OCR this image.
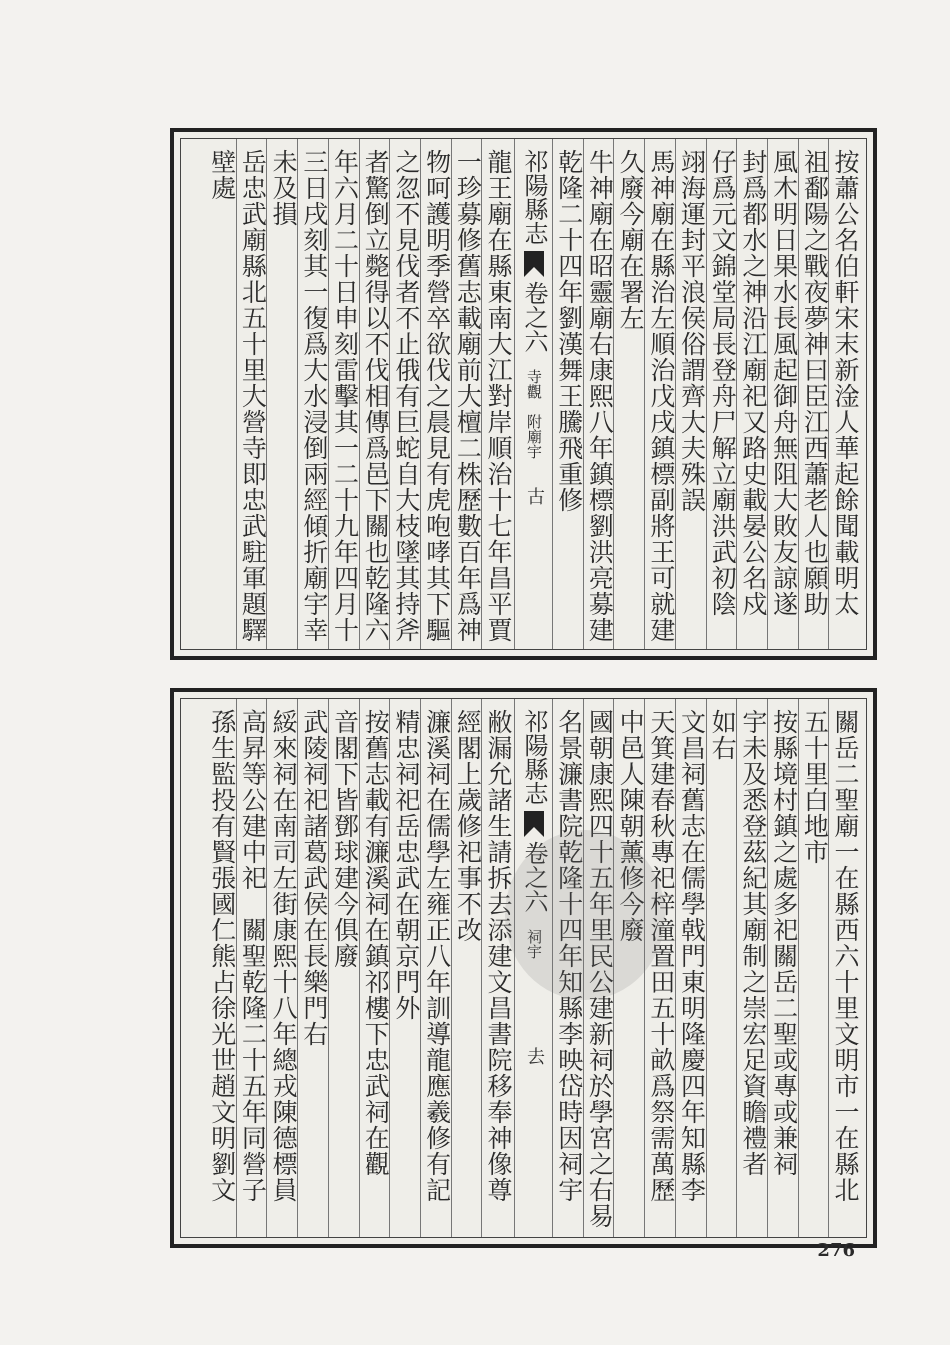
按蕭公名伯軒宋末新淦人華起餘聞載明太
祖鄱陽之戰夜夢神曰臣江西蕭老人也願助
風木明日果水長風起御舟無阻大敗友諒遂
封爲都水之神沿江廟祀又路史載晏公名戍
仔爲元文錦堂局長登舟尸解立廟洪武初陰
翊海運封平浪侯俗謂齊大夫殊誤
馬神廟在縣治左順治戊戌鎮標副將王可就建
久廢今廟在署左
牛神廟在昭靈廟右康熙八年鎮標劉洪亮募建
乾隆二十四年劉漢舞王騰飛重修
祁陽縣志
卷之六
寺觀　附廟宇
古
龍王廟在縣東南大江對岸順治十七年昌平賈
一珍募修舊志載廟前大檀二株歷數百年爲神
物呵護明季營卒欲伐之晨見有虎咆哮其下驅
之忽不見伐者不止俄有巨蛇自大枝墜其持斧
者驚倒立斃得以不伐相傳爲邑下關也乾隆六
年六月二十日申刻雷擊其一二十九年四月十
三日戌刻其一復爲大水浸倒兩經傾折廟宇幸
未及損
岳忠武廟縣北五十里大營寺即忠武駐軍題驛
壁處
關岳二聖廟一在縣西六十里文明市一在縣北
五十里白地市
按縣境村鎮之處多祀關岳二聖或專或兼祠
宇未及悉登茲紀其廟制之崇宏足資瞻禮者
如右
文昌祠舊志在儒學戟門東明隆慶四年知縣李
天箕建春秋專祀梓潼置田五十畝爲祭需萬歷
中邑人陳朝薰修今廢
國朝康熙四十五年里民公建新祠於學宮之右易
名景濂書院乾隆十四年知縣李映岱時因祠宇
祁陽縣志
卷之六
祠宇
去
敝漏允諸生請拆去添建文昌書院移奉神像尊
經閣上歲修祀事不改
濂溪祠在儒學左雍正八年訓導龍應羲修有記
精忠祠祀岳忠武在朝京門外
按舊志載有濂溪祠在鎮祁樓下忠武祠在觀
音閣下皆鄧球建今俱廢
武陵祠祀諸葛武侯在長樂門右
綏來祠在南司左街康熙十八年總戎陳德標員
高昇等公建中祀　關聖乾隆二十五年同營子
孫生監投有賢張國仁熊占徐光世趙文明劉文
276
